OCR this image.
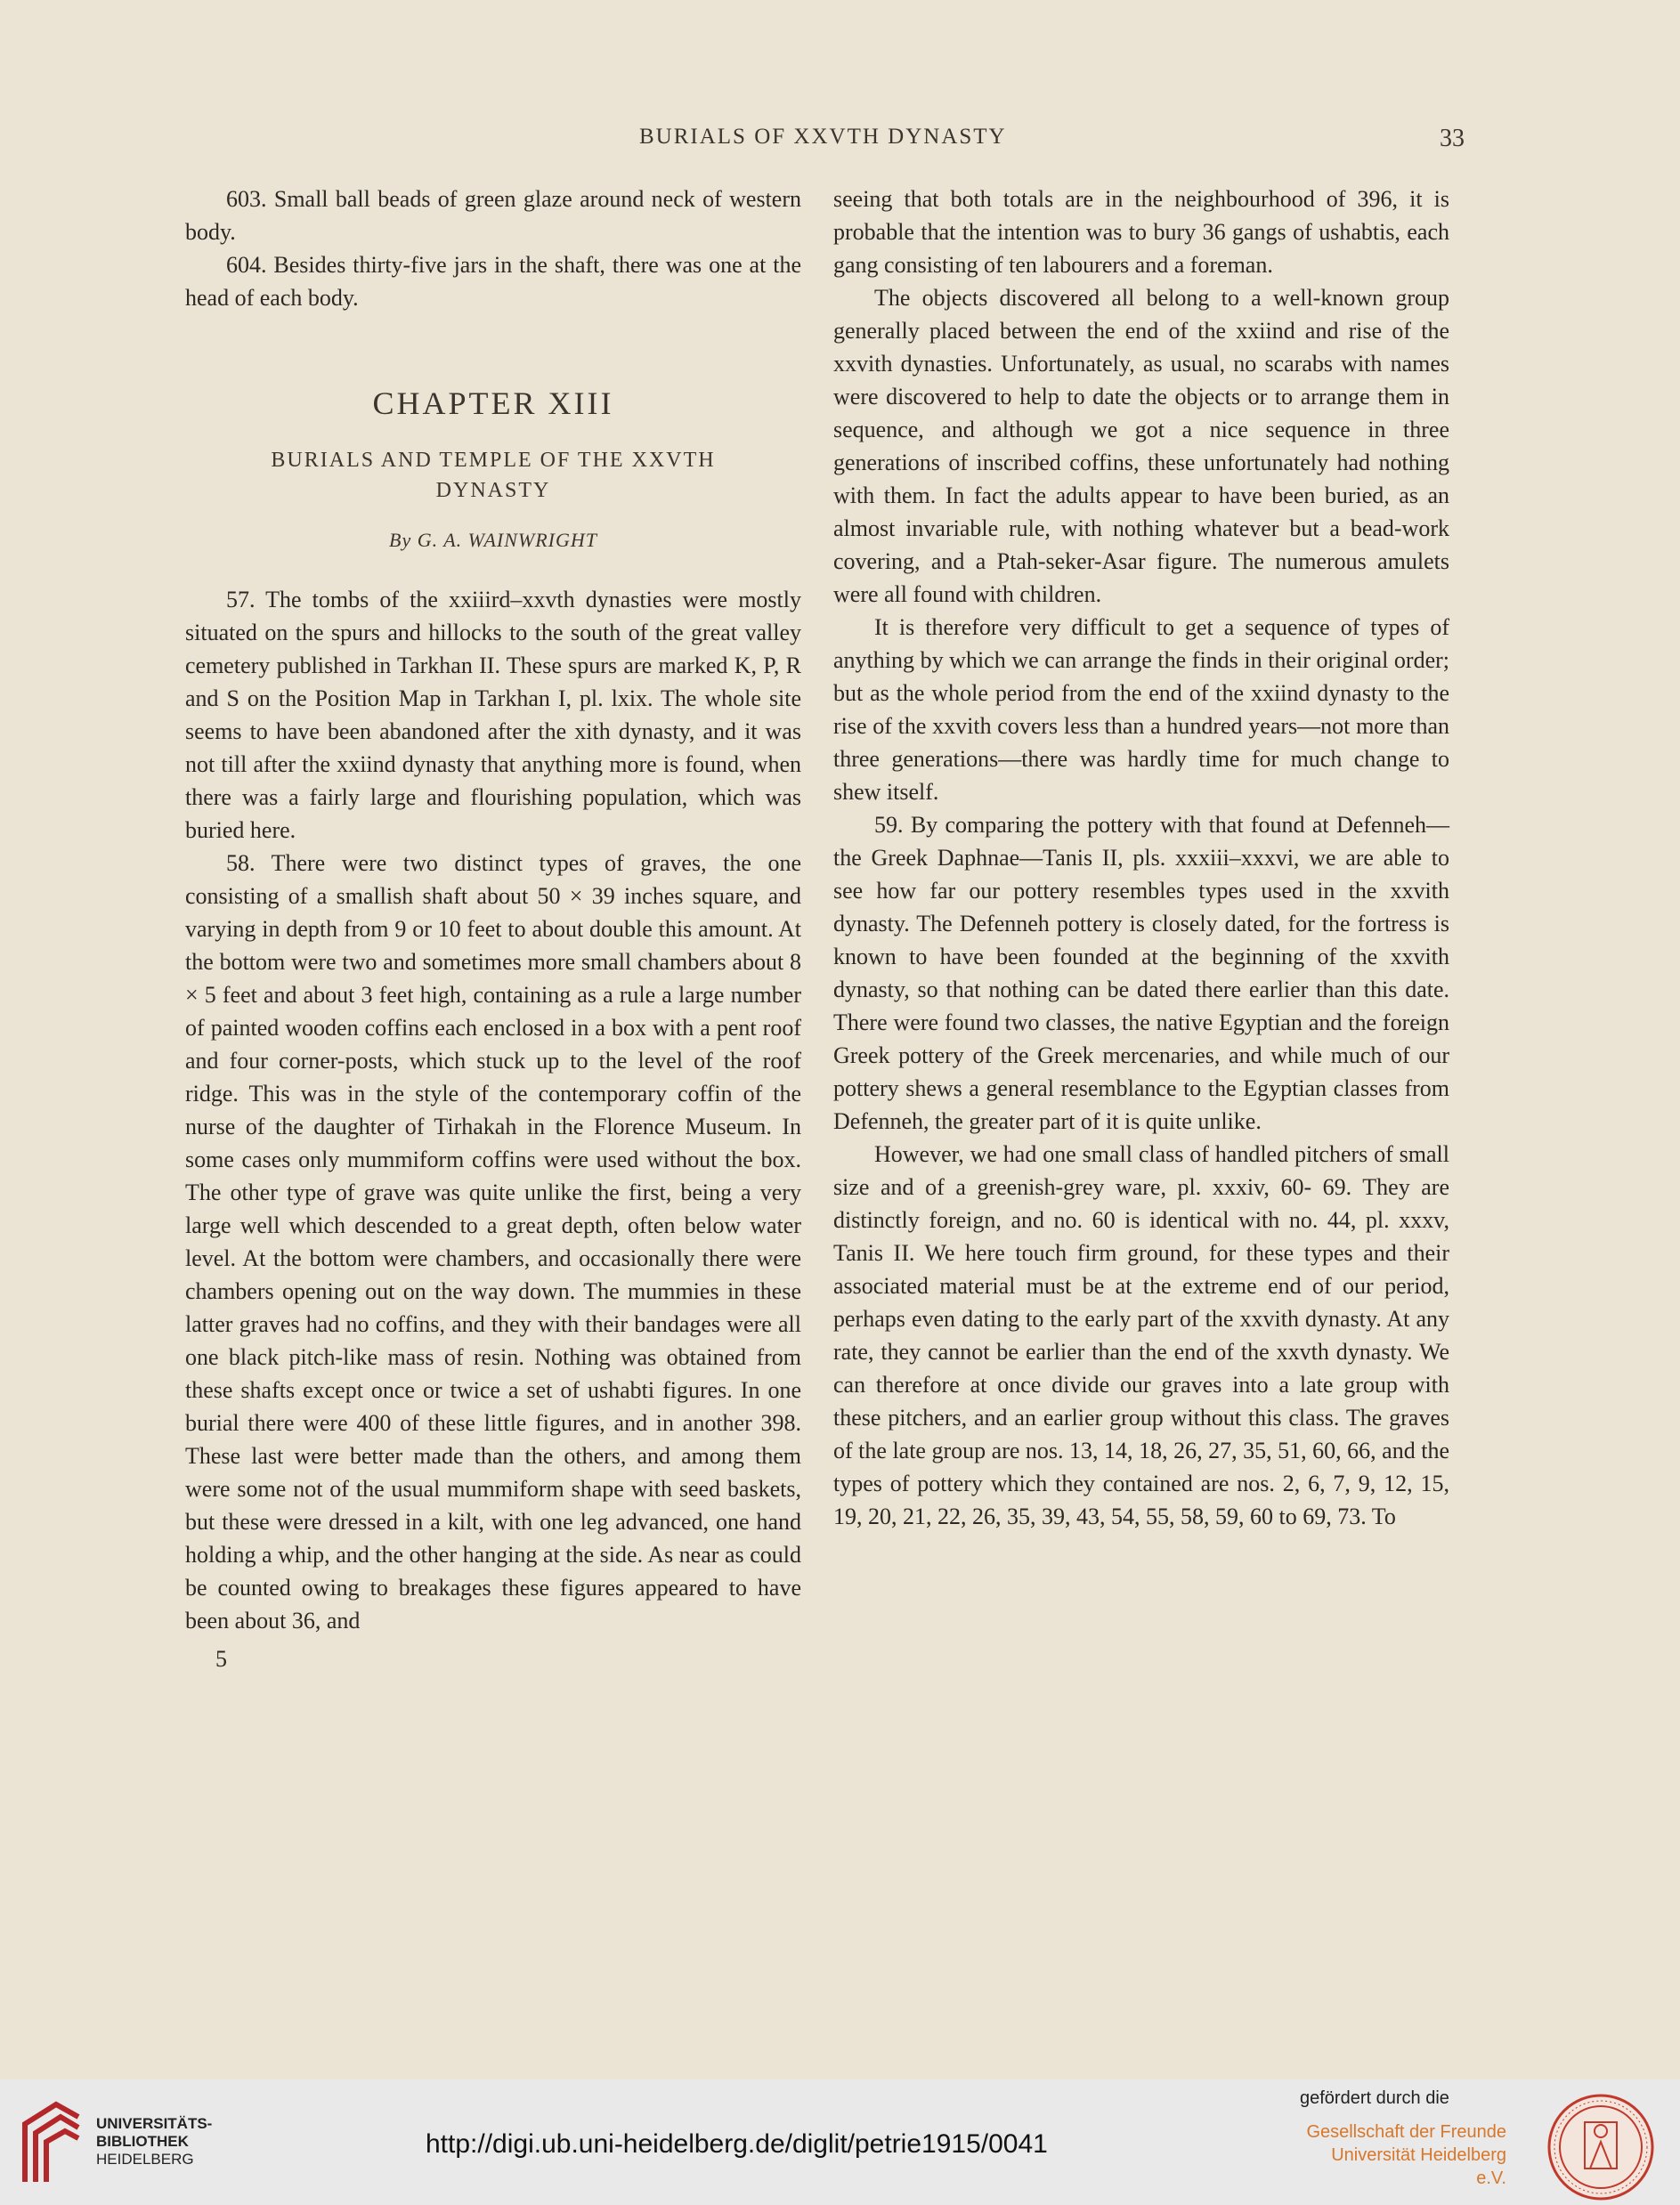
BURIALS OF XXVTH DYNASTY	33

603. Small ball beads of green glaze around neck of western body.

604. Besides thirty-five jars in the shaft, there was one at the head of each body.

CHAPTER XIII
BURIALS AND TEMPLE OF THE XXVTH
DYNASTY
By G. A. WAINWRIGHT

57. The tombs of the xxiiird–xxvth dynasties were mostly situated on the spurs and hillocks to the south of the great valley cemetery published in Tarkhan II. These spurs are marked K, P, R and S on the Position Map in Tarkhan I, pl. lxix. The whole site seems to have been abandoned after the xith dynasty, and it was not till after the xxiind dynasty that anything more is found, when there was a fairly large and flourishing population, which was buried here.

58. There were two distinct types of graves, the one consisting of a smallish shaft about 50 × 39 inches square, and varying in depth from 9 or 10 feet to about double this amount. At the bottom were two and sometimes more small chambers about 8 × 5 feet and about 3 feet high, containing as a rule a large number of painted wooden coffins each enclosed in a box with a pent roof and four corner-posts, which stuck up to the level of the roof ridge. This was in the style of the contemporary coffin of the nurse of the daughter of Tirhakah in the Florence Museum. In some cases only mummiform coffins were used without the box. The other type of grave was quite unlike the first, being a very large well which descended to a great depth, often below water level. At the bottom were chambers, and occasionally there were chambers opening out on the way down. The mummies in these latter graves had no coffins, and they with their bandages were all one black pitch-like mass of resin. Nothing was obtained from these shafts except once or twice a set of ushabti figures. In one burial there were 400 of these little figures, and in another 398. These last were better made than the others, and among them were some not of the usual mummiform shape with seed baskets, but these were dressed in a kilt, with one leg advanced, one hand holding a whip, and the other hanging at the side. As near as could be counted owing to breakages these figures appeared to have been about 36, and

5

seeing that both totals are in the neighbourhood of 396, it is probable that the intention was to bury 36 gangs of ushabtis, each gang consisting of ten labourers and a foreman.

The objects discovered all belong to a well-known group generally placed between the end of the xxiind and rise of the xxvith dynasties. Unfortunately, as usual, no scarabs with names were discovered to help to date the objects or to arrange them in sequence, and although we got a nice sequence in three generations of inscribed coffins, these unfortunately had nothing with them. In fact the adults appear to have been buried, as an almost invariable rule, with nothing whatever but a bead-work covering, and a Ptah-seker-Asar figure. The numerous amulets were all found with children.

It is therefore very difficult to get a sequence of types of anything by which we can arrange the finds in their original order; but as the whole period from the end of the xxiind dynasty to the rise of the xxvith covers less than a hundred years—not more than three generations—there was hardly time for much change to shew itself.

59. By comparing the pottery with that found at Defenneh—the Greek Daphnae—Tanis II, pls. xxxiii–xxxvi, we are able to see how far our pottery resembles types used in the xxvith dynasty. The Defenneh pottery is closely dated, for the fortress is known to have been founded at the beginning of the xxvith dynasty, so that nothing can be dated there earlier than this date. There were found two classes, the native Egyptian and the foreign Greek pottery of the Greek mercenaries, and while much of our pottery shews a general resemblance to the Egyptian classes from Defenneh, the greater part of it is quite unlike.

However, we had one small class of handled pitchers of small size and of a greenish-grey ware, pl. xxxiv, 60- 69. They are distinctly foreign, and no. 60 is identical with no. 44, pl. xxxv, Tanis II. We here touch firm ground, for these types and their associated material must be at the extreme end of our period, perhaps even dating to the early part of the xxvith dynasty. At any rate, they cannot be earlier than the end of the xxvth dynasty. We can therefore at once divide our graves into a late group with these pitchers, and an earlier group without this class. The graves of the late group are nos. 13, 14, 18, 26, 27, 35, 51, 60, 66, and the types of pottery which they contained are nos. 2, 6, 7, 9, 12, 15, 19, 20, 21, 22, 26, 35, 39, 43, 54, 55, 58, 59, 60 to 69, 73. To

UNIVERSITÄTS-
BIBLIOTHEK
HEIDELBERG
http://digi.ub.uni-heidelberg.de/diglit/petrie1915/0041
gefördert durch die
Gesellschaft der Freunde
Universität Heidelberg e.V.
